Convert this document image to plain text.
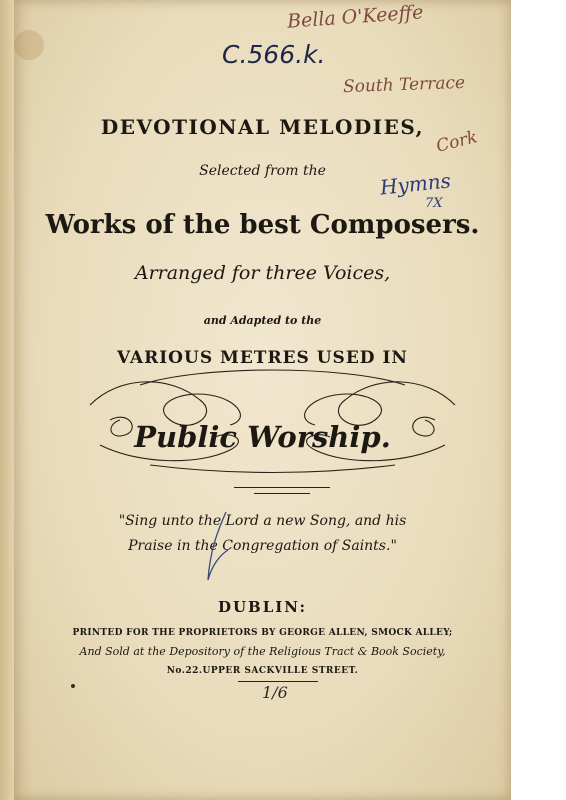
C.566.k.
Bella O'Keeffe
South Terrace
Cork
Hymns
7X
DEVOTIONAL MELODIES,
Selected from the
Works of the best Composers.
Arranged for three Voices,
and Adapted to the
VARIOUS METRES USED IN
Public Worship.
"Sing unto the Lord a new Song, and his
Praise in the Congregation of Saints."
DUBLIN:
PRINTED FOR THE PROPRIETORS BY GEORGE ALLEN, SMOCK ALLEY;
And Sold at the Depository of the Religious Tract & Book Society,
No.22.UPPER SACKVILLE STREET.
1/6
